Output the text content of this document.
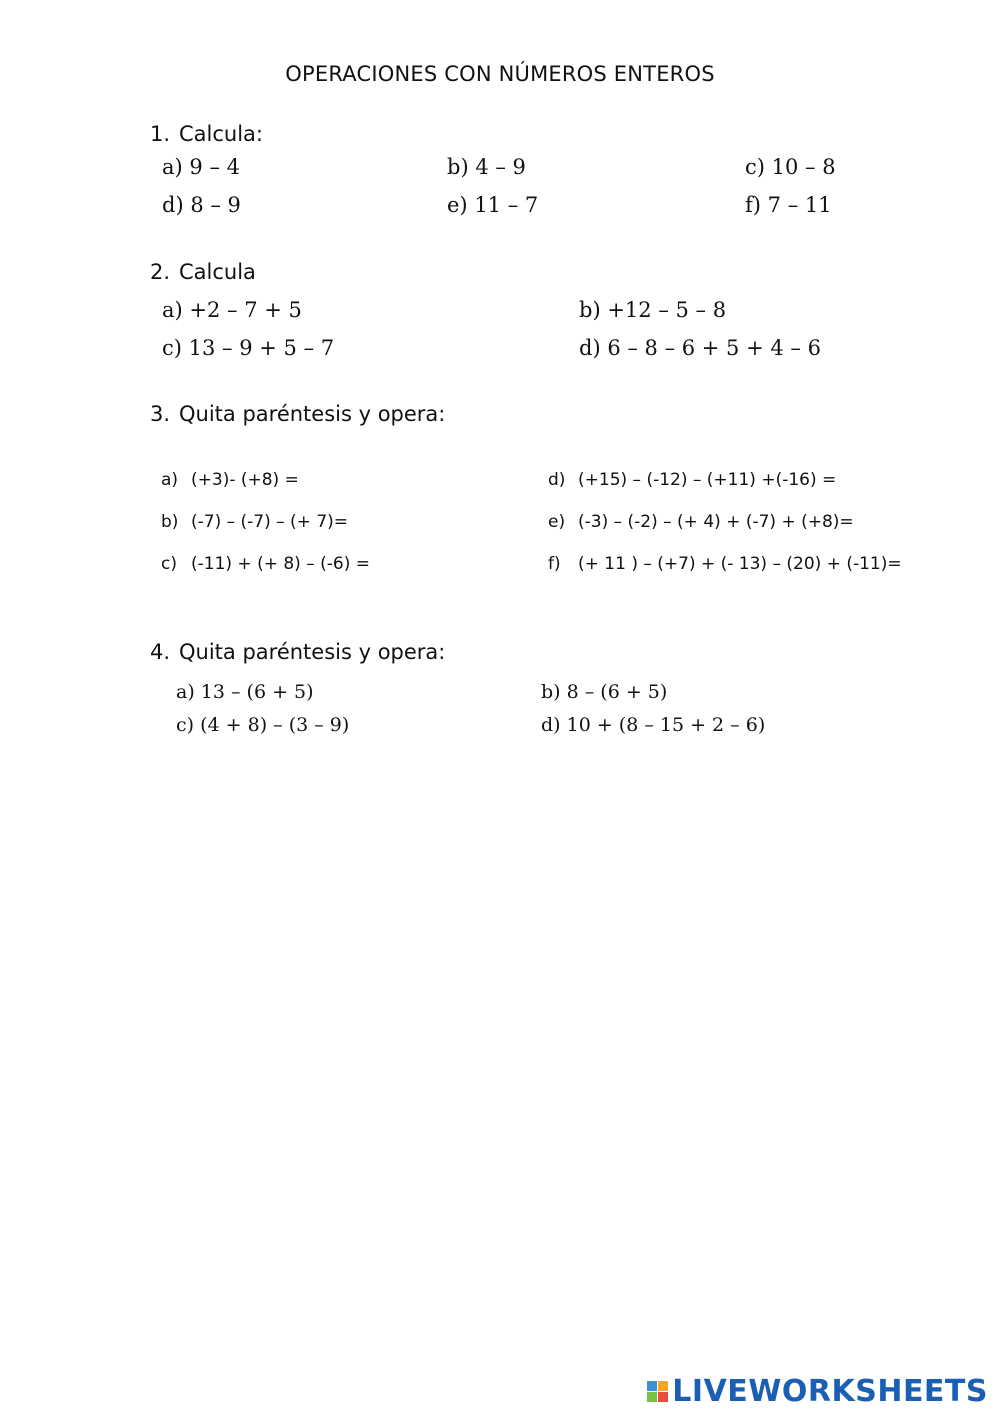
OPERACIONES CON NÚMEROS ENTEROS
1. Calcula:
a) 9 – 4	b) 4 – 9	c) 10 – 8
d) 8 – 9	e) 11 – 7	f) 7 – 11
2. Calcula
a) +2 – 7 + 5	b) +12 – 5 – 8
c) 13 – 9 + 5 – 7	d) 6 – 8 – 6 + 5 + 4 – 6
3. Quita paréntesis y opera:
a) (+3)- (+8) =
b) (-7) – (-7) – (+ 7)=
c) (-11) + (+ 8) – (-6) =
d) (+15) – (-12) – (+11) +(-16) =
e) (-3) – (-2) – (+ 4) + (-7) + (+8)=
f) (+ 11 ) – (+7) + (- 13) – (20) + (-11)=
4. Quita paréntesis y opera:
a) 13 – (6 + 5)	b) 8 – (6 + 5)
c) (4 + 8) – (3 – 9)	d) 10 + (8 – 15 + 2 – 6)
LIVEWORKSHEETS
